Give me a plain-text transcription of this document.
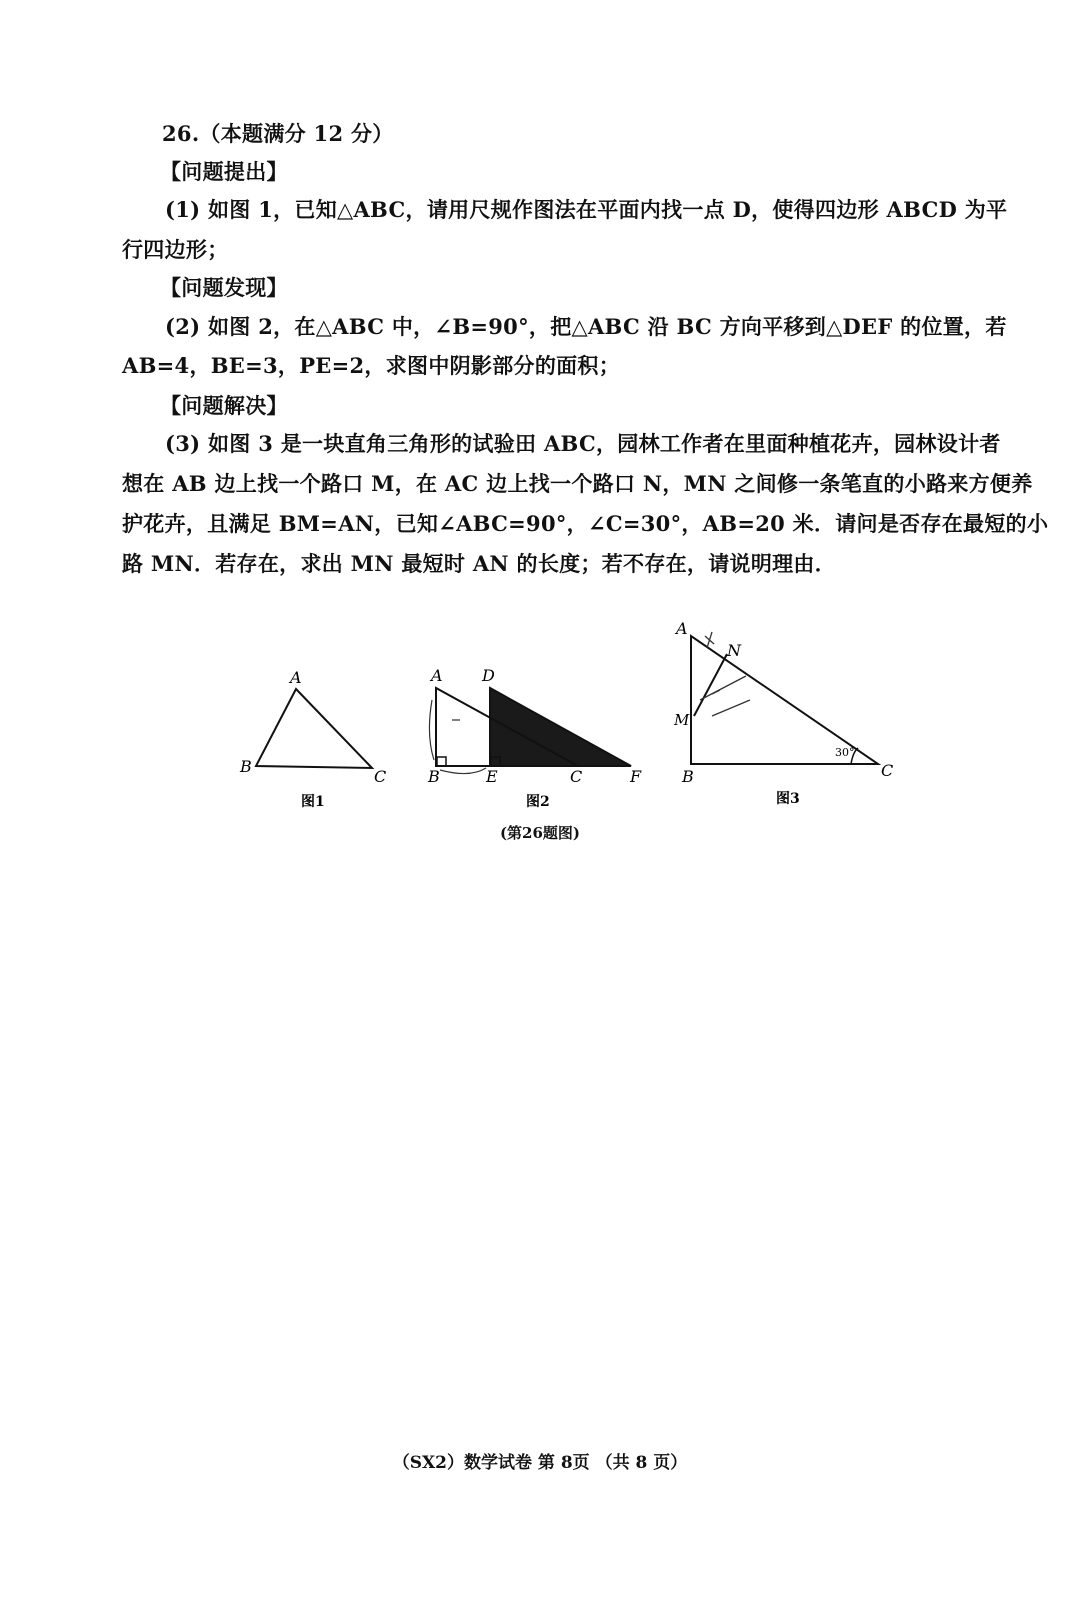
26.（本题满分 12 分）
【问题提出】
(1) 如图 1，已知△ABC，请用尺规作图法在平面内找一点 D，使得四边形 ABCD 为平
行四边形；
【问题发现】
(2) 如图 2，在△ABC 中，∠B=90°，把△ABC 沿 BC 方向平移到△DEF 的位置，若
AB=4，BE=3，PE=2，求图中阴影部分的面积；
【问题解决】
(3) 如图 3 是一块直角三角形的试验田 ABC，园林工作者在里面种植花卉，园林设计者
想在 AB 边上找一个路口 M，在 AC 边上找一个路口 N，MN 之间修一条笔直的小路来方便养
护花卉，且满足 BM=AN，已知∠ABC=90°，∠C=30°，AB=20 米．请问是否存在最短的小
路 MN．若存在，求出 MN 最短时 AN 的长度；若不存在，请说明理由．
A
B
C
图1
A D
B	E	C	F
图2
A
N
M
B	C
30°
图3
(第26题图)
（SX2）数学试卷 第 8页 （共 8 页）
